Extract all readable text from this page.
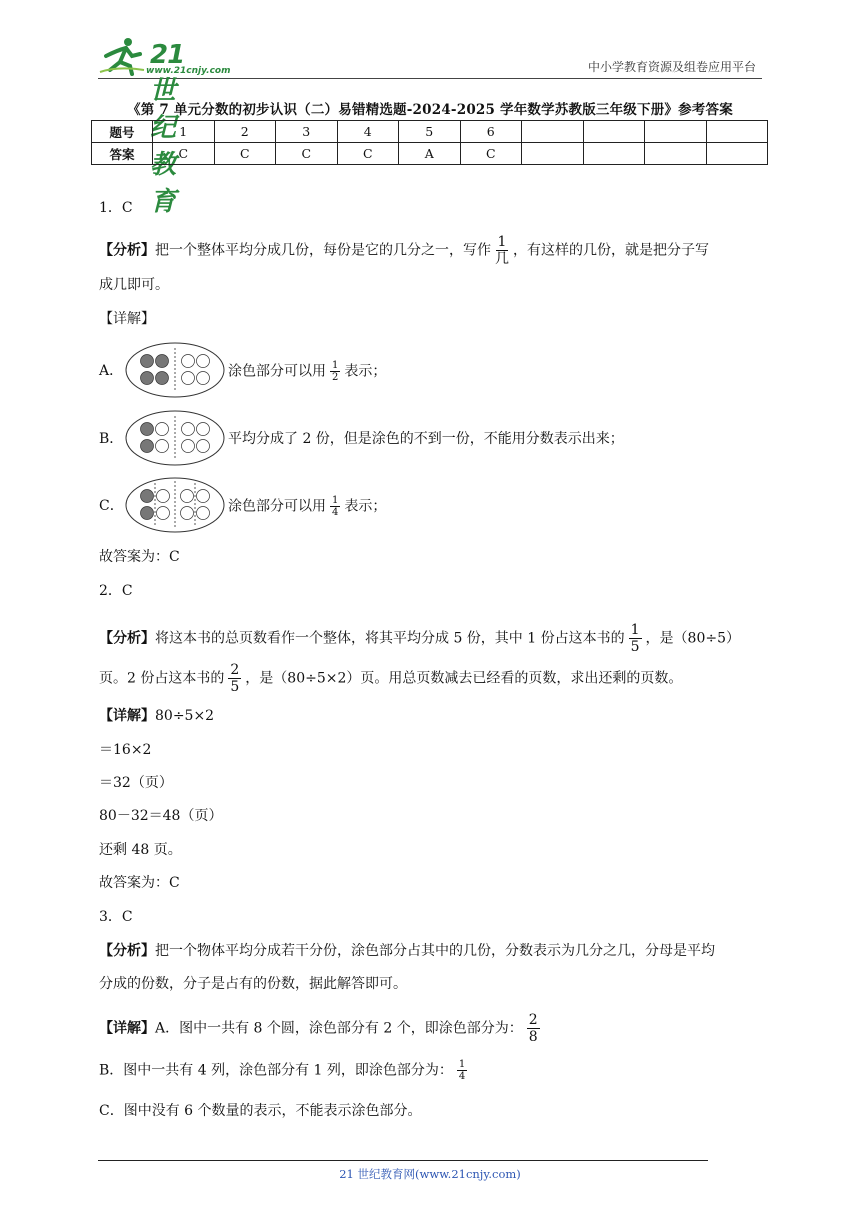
21世纪教育
www.21cnjy.com	中小学教育资源及组卷应用平台
《第 7 单元分数的初步认识（二）易错精选题-2024-2025 学年数学苏教版三年级下册》参考答案
题号	1	2	3	4	5	6				
答案	C	C	C	C	A	C				
1．C
【分析】把一个整体平均分成几份，每份是它的几分之一，写作 $\frac{1}{\text{几}}$ ，有这样的几份，就是把分子写
成几即可。
【详解】
A．	涂色部分可以用 $\frac{1}{2}$ 表示；
B．	平均分成了 2 份，但是涂色的不到一份，不能用分数表示出来；
C．	涂色部分可以用 $\frac{1}{4}$ 表示；
故答案为：C
2．C
【分析】将这本书的总页数看作一个整体，将其平均分成 5 份，其中 1 份占这本书的 $\frac{1}{5}$ ，是（80÷5）
页。2 份占这本书的 $\frac{2}{5}$ ，是（80÷5×2）页。用总页数减去已经看的页数，求出还剩的页数。
【详解】80÷5×2
＝16×2
＝32（页）
80－32＝48（页）
还剩 48 页。
故答案为：C
3．C
【分析】把一个物体平均分成若干分份，涂色部分占其中的几份，分数表示为几分之几，分母是平均
分成的份数，分子是占有的份数，据此解答即可。
【详解】A．图中一共有 8 个圆，涂色部分有 2 个，即涂色部分为： $\frac{2}{8}$
B．图中一共有 4 列，涂色部分有 1 列，即涂色部分为： $\frac{1}{4}$
C．图中没有 6 个数量的表示，不能表示涂色部分。
21 世纪教育网(www.21cnjy.com)
